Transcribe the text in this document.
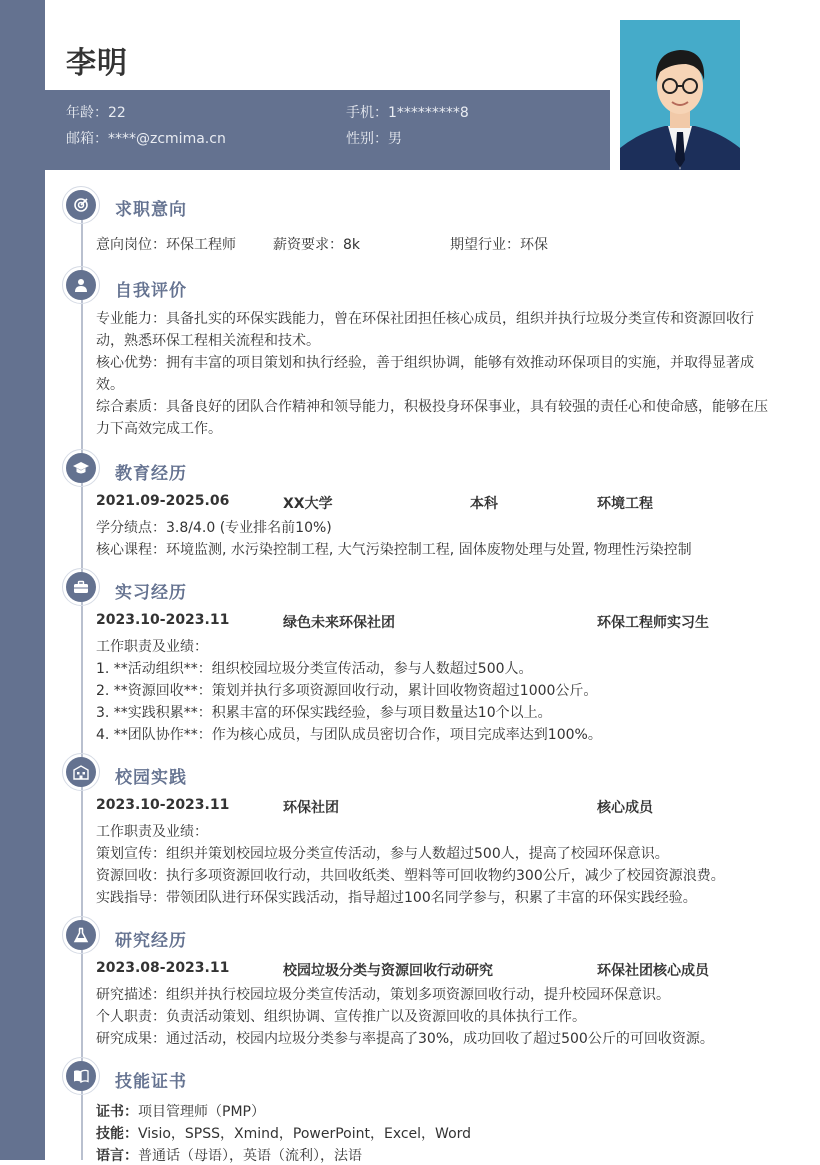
李明
年龄：22	手机：1*********8
邮箱：****@zcmima.cn	性别：男
求职意向
意向岗位：环保工程师	薪资要求：8k	期望行业：环保
自我评价
专业能力：具备扎实的环保实践能力，曾在环保社团担任核心成员，组织并执行垃圾分类宣传和资源回收行动，熟悉环保工程相关流程和技术。
核心优势：拥有丰富的项目策划和执行经验，善于组织协调，能够有效推动环保项目的实施，并取得显著成效。
综合素质：具备良好的团队合作精神和领导能力，积极投身环保事业，具有较强的责任心和使命感，能够在压力下高效完成工作。
教育经历
2021.09-2025.06	XX大学	本科	环境工程
学分绩点：3.8/4.0 (专业排名前10%)
核心课程：环境监测, 水污染控制工程, 大气污染控制工程, 固体废物处理与处置, 物理性污染控制
实习经历
2023.10-2023.11	绿色未来环保社团	环保工程师实习生
工作职责及业绩：
1. **活动组织**：组织校园垃圾分类宣传活动，参与人数超过500人。
2. **资源回收**：策划并执行多项资源回收行动，累计回收物资超过1000公斤。
3. **实践积累**：积累丰富的环保实践经验，参与项目数量达10个以上。
4. **团队协作**：作为核心成员，与团队成员密切合作，项目完成率达到100%。
校园实践
2023.10-2023.11	环保社团	核心成员
工作职责及业绩：
策划宣传：组织并策划校园垃圾分类宣传活动，参与人数超过500人，提高了校园环保意识。
资源回收：执行多项资源回收行动，共回收纸类、塑料等可回收物约300公斤，减少了校园资源浪费。
实践指导：带领团队进行环保实践活动，指导超过100名同学参与，积累了丰富的环保实践经验。
研究经历
2023.08-2023.11	校园垃圾分类与资源回收行动研究	环保社团核心成员
研究描述：组织并执行校园垃圾分类宣传活动，策划多项资源回收行动，提升校园环保意识。
个人职责：负责活动策划、组织协调、宣传推广以及资源回收的具体执行工作。
研究成果：通过活动，校园内垃圾分类参与率提高了30%，成功回收了超过500公斤的可回收资源。
技能证书
证书：项目管理师（PMP）
技能：Visio，SPSS，Xmind，PowerPoint，Excel，Word
语言：普通话（母语），英语（流利），法语
